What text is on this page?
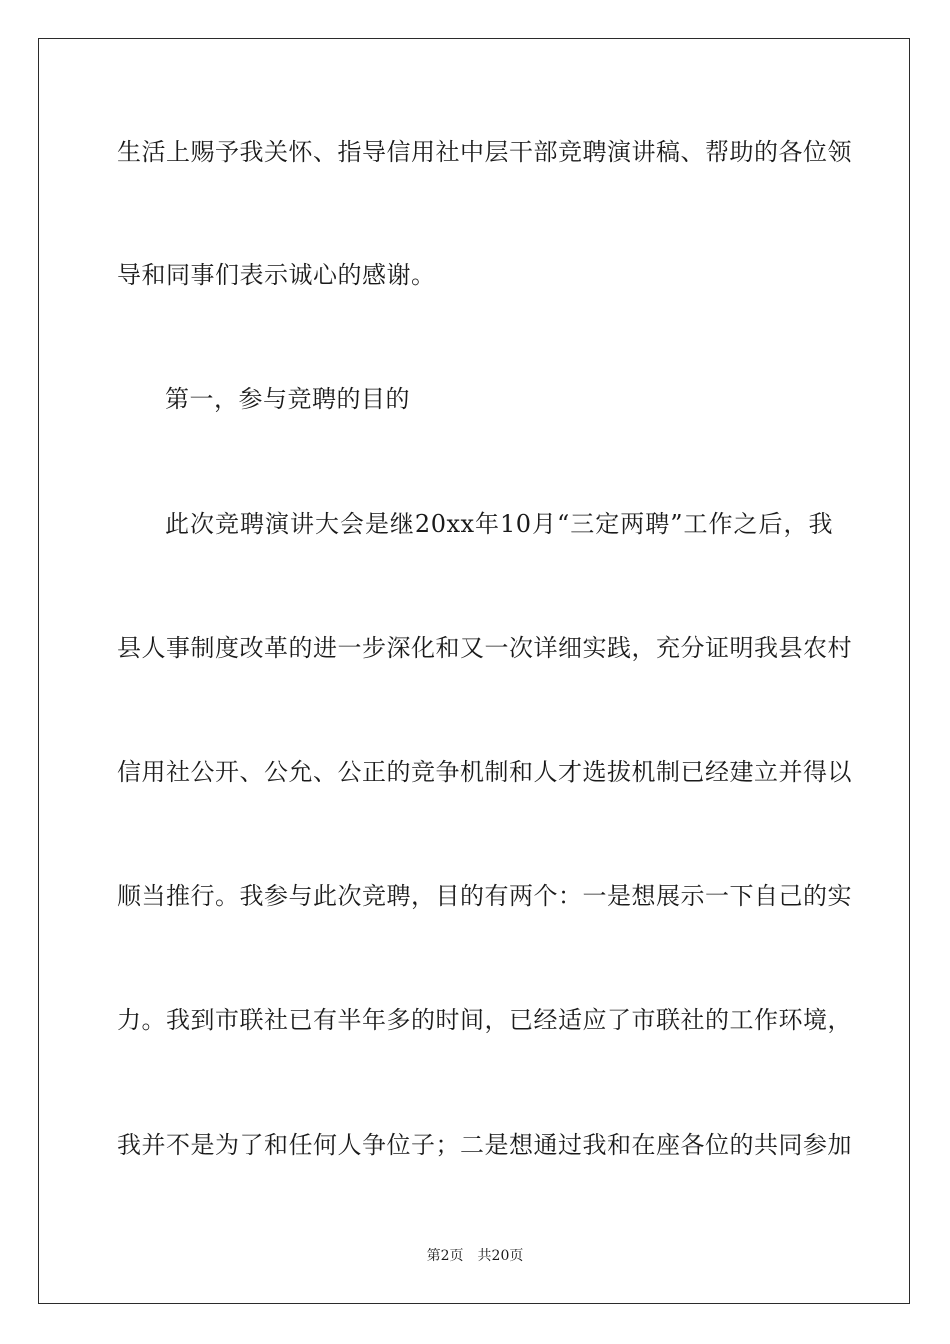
生活上赐予我关怀、指导信用社中层干部竞聘演讲稿、帮助的各位领
导和同事们表示诚心的感谢。
第一，参与竞聘的目的
此次竞聘演讲大会是继20xx年10月“三定两聘”工作之后，我
县人事制度改革的进一步深化和又一次详细实践，充分证明我县农村
信用社公开、公允、公正的竞争机制和人才选拔机制已经建立并得以
顺当推行。我参与此次竞聘，目的有两个：一是想展示一下自己的实
力。我到市联社已有半年多的时间，已经适应了市联社的工作环境，
我并不是为了和任何人争位子；二是想通过我和在座各位的共同参加
第2页 共20页
